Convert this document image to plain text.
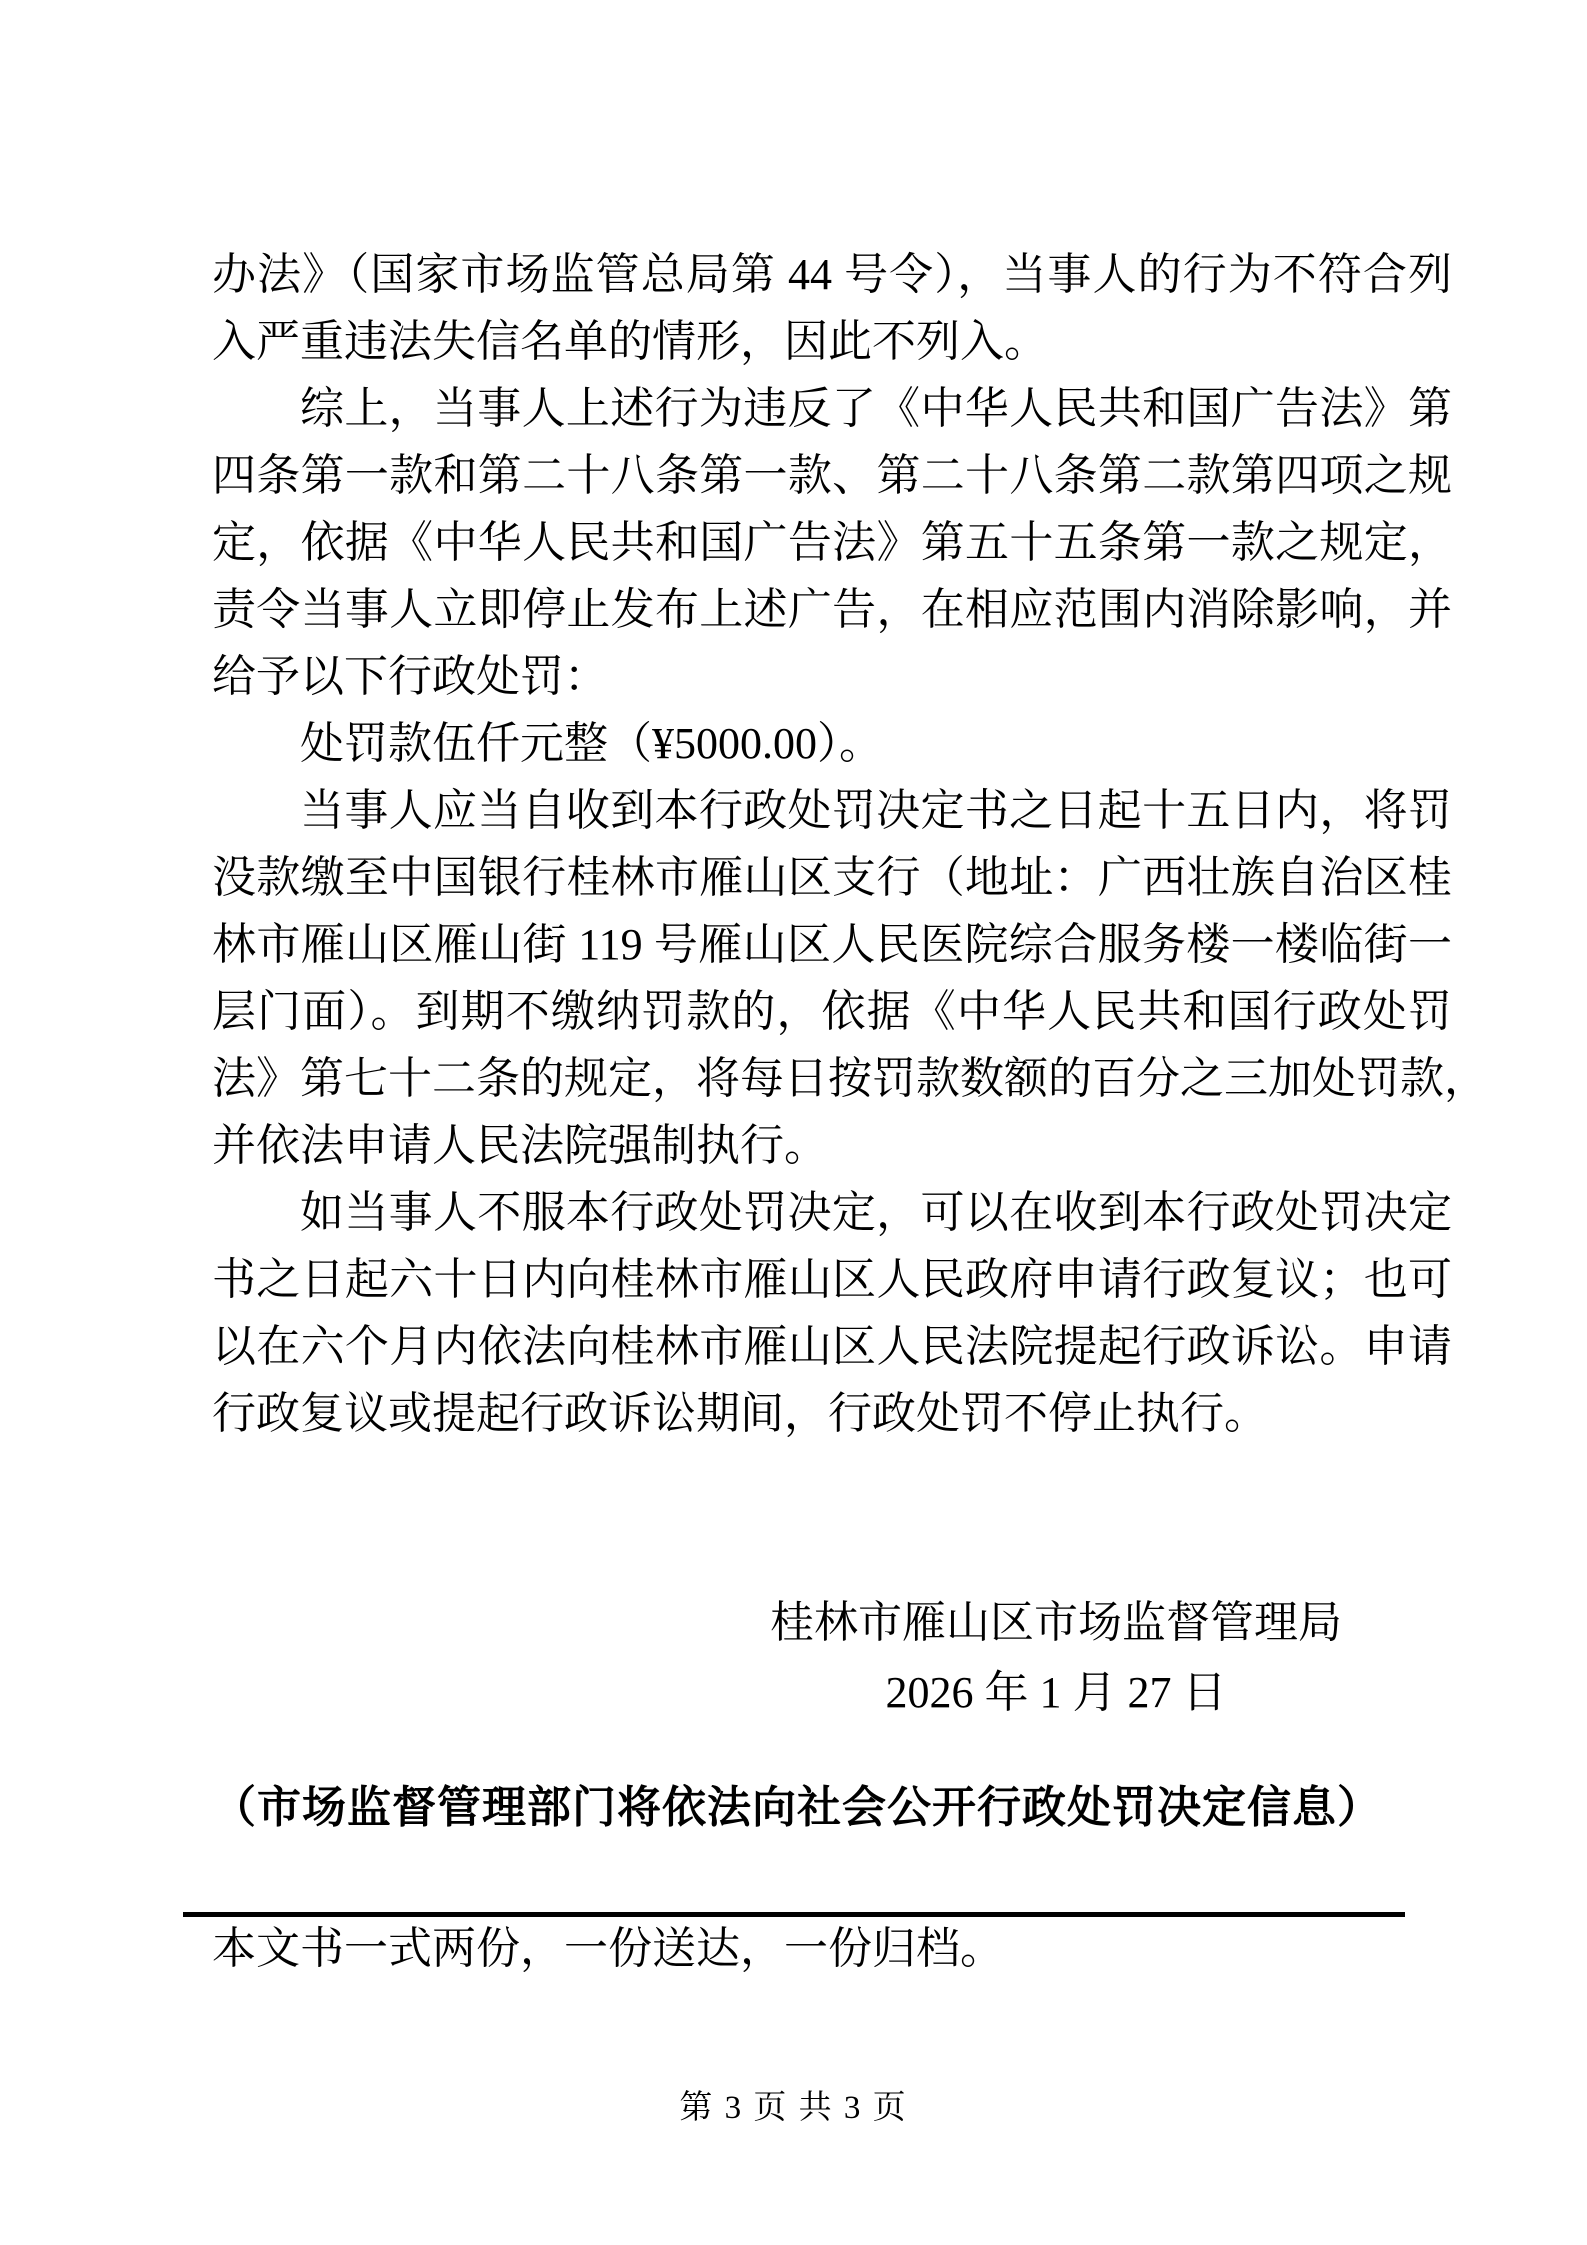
办法》（国家市场监管总局第 44 号令），当事人的行为不符合列
入严重违法失信名单的情形，因此不列入。
综上，当事人上述行为违反了《中华人民共和国广告法》第
四条第一款和第二十八条第一款、第二十八条第二款第四项之规
定，依据《中华人民共和国广告法》第五十五条第一款之规定，
责令当事人立即停止发布上述广告，在相应范围内消除影响，并
给予以下行政处罚：
处罚款伍仟元整（¥5000.00）。
当事人应当自收到本行政处罚决定书之日起十五日内，将罚
没款缴至中国银行桂林市雁山区支行（地址：广西壮族自治区桂
林市雁山区雁山街 119 号雁山区人民医院综合服务楼一楼临街一
层门面）。到期不缴纳罚款的，依据《中华人民共和国行政处罚
法》第七十二条的规定，将每日按罚款数额的百分之三加处罚款，
并依法申请人民法院强制执行。
如当事人不服本行政处罚决定，可以在收到本行政处罚决定
书之日起六十日内向桂林市雁山区人民政府申请行政复议；也可
以在六个月内依法向桂林市雁山区人民法院提起行政诉讼。申请
行政复议或提起行政诉讼期间，行政处罚不停止执行。
桂林市雁山区市场监督管理局
2026 年 1 月 27 日
（市场监督管理部门将依法向社会公开行政处罚决定信息）
本文书一式两份，一份送达，一份归档。
第 3 页 共 3 页
